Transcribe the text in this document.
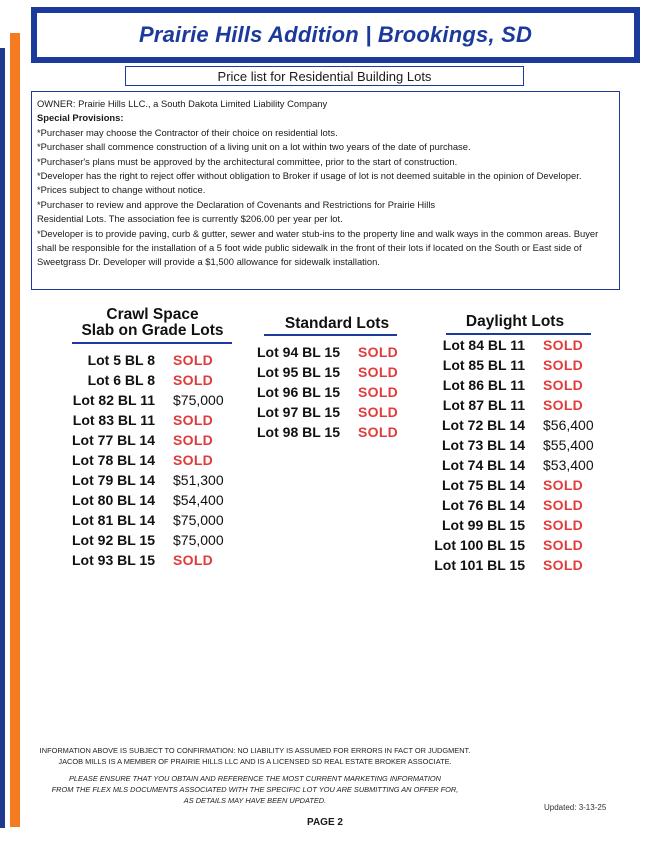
Prairie Hills Addition | Brookings, SD
Price list for Residential Building Lots

OWNER: Prairie Hills LLC., a South Dakota Limited Liability Company

Special Provisions:

*Purchaser may choose the Contractor of their choice on residential lots.

*Purchaser shall commence construction of a living unit on a lot within two years of the date of purchase.

*Purchaser's plans must be approved by the architectural committee, prior to the start of construction.

*Developer has the right to reject offer without obligation to Broker if usage of lot is not deemed suitable in the opinion of Developer.

*Prices subject to change without notice.

*Purchaser to review and approve the Declaration of Covenants and Restrictions for Prairie Hills

Residential Lots. The association fee is currently $206.00 per year per lot.

*Developer is to provide paving, curb & gutter, sewer and water stub-ins to the property line and walk ways in the common areas. Buyer shall be responsible for the installation of a 5 foot wide public sidewalk in the front of their lots if located on the South or East side of Sweetgrass Dr. Developer will provide a $1,500 allowance for sidewalk installation.

Crawl Space
Slab on Grade Lots
Lot 5 BL 8	SOLD
Lot 6 BL 8	SOLD
Lot 82 BL 11	$75,000
Lot 83 BL 11	SOLD
Lot 77 BL 14	SOLD
Lot 78 BL 14	SOLD
Lot 79 BL 14	$51,300
Lot 80 BL 14	$54,400
Lot 81 BL 14	$75,000
Lot 92 BL 15	$75,000
Lot 93 BL 15	SOLD
Standard Lots
Lot 94 BL 15	SOLD
Lot 95 BL 15	SOLD
Lot 96 BL 15	SOLD
Lot 97 BL 15	SOLD
Lot 98 BL 15	SOLD
Daylight Lots
Lot 84 BL 11	SOLD
Lot 85 BL 11	SOLD
Lot 86 BL 11	SOLD
Lot 87 BL 11	SOLD
Lot 72 BL 14	$56,400
Lot 73 BL 14	$55,400
Lot 74 BL 14	$53,400
Lot 75 BL 14	SOLD
Lot 76 BL 14	SOLD
Lot 99 BL 15	SOLD
Lot 100 BL 15	SOLD
Lot 101 BL 15	SOLD
INFORMATION ABOVE IS SUBJECT TO CONFIRMATION: NO LIABILITY IS ASSUMED FOR ERRORS IN FACT OR JUDGMENT.
JACOB MILLS IS A MEMBER OF PRAIRIE HILLS LLC AND IS A LICENSED SD REAL ESTATE BROKER ASSOCIATE.
PLEASE ENSURE THAT YOU OBTAIN AND REFERENCE THE MOST CURRENT MARKETING INFORMATION
FROM THE FLEX MLS DOCUMENTS ASSOCIATED WITH THE SPECIFIC LOT YOU ARE SUBMITTING AN OFFER FOR,
AS DETAILS MAY HAVE BEEN UPDATED.
Updated: 3-13-25
PAGE 2
